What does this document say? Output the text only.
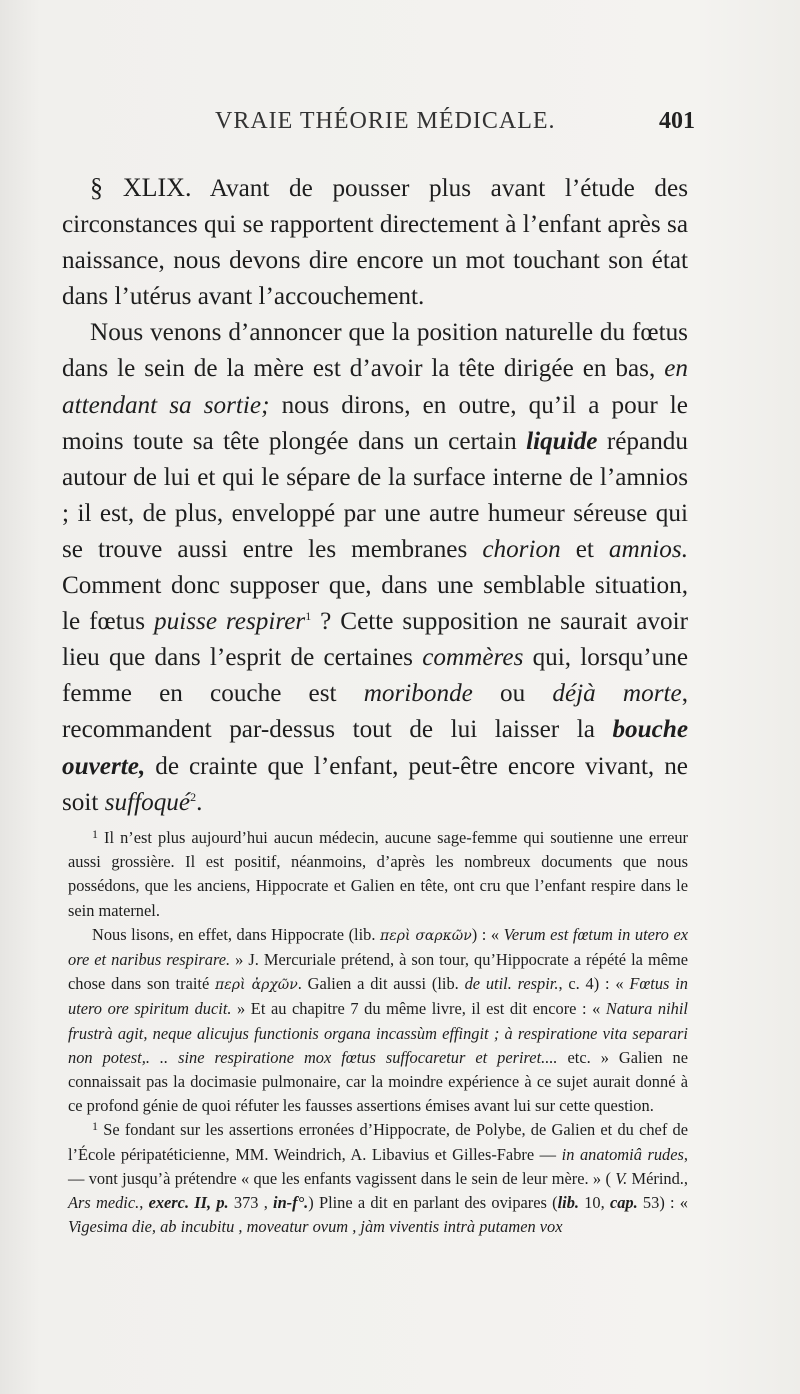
VRAIE THÉORIE MÉDICALE.	401

§ XLIX. Avant de pousser plus avant l’étude des circonstances qui se rapportent directement à l’enfant après sa naissance, nous devons dire encore un mot touchant son état dans l’utérus avant l’accouchement.

Nous venons d’annoncer que la position naturelle du fœtus dans le sein de la mère est d’avoir la tête dirigée en bas, en attendant sa sortie; nous dirons, en outre, qu’il a pour le moins toute sa tête plongée dans un certain liquide répandu autour de lui et qui le sépare de la surface interne de l’amnios ; il est, de plus, enveloppé par une autre humeur séreuse qui se trouve aussi entre les membranes chorion et amnios. Comment donc supposer que, dans une semblable situation, le fœtus puisse respirer$^1$ ? Cette supposition ne saurait avoir lieu que dans l’esprit de certaines commères qui, lorsqu’une femme en couche est moribonde ou déjà morte, recommandent par-dessus tout de lui laisser la bouche ouverte, de crainte que l’enfant, peut-être encore vivant, ne soit suffoqué$^2$.

$^1$ Il n’est plus aujourd’hui aucun médecin, aucune sage-femme qui soutienne une erreur aussi grossière. Il est positif, néanmoins, d’après les nombreux documents que nous possédons, que les anciens, Hippocrate et Galien en tête, ont cru que l’enfant respire dans le sein maternel.

Nous lisons, en effet, dans Hippocrate (lib. περὶ σαρκῶν) : « Verum est fœtum in utero ex ore et naribus respirare. » J. Mercuriale prétend, à son tour, qu’Hippocrate a répété la même chose dans son traité περὶ ἀρχῶν. Galien a dit aussi (lib. de util. respir., c. 4) : « Fœtus in utero ore spiritum ducit. » Et au chapitre 7 du même livre, il est dit encore : « Natura nihil frustrà agit, neque alicujus functionis organa incassùm effingit ; à respiratione vita separari non potest,. .. sine respiratione mox fœtus suffocaretur et periret.... etc. » Galien ne connaissait pas la docimasie pulmonaire, car la moindre expérience à ce sujet aurait donné à ce profond génie de quoi réfuter les fausses assertions émises avant lui sur cette question.

$^1$ Se fondant sur les assertions erronées d’Hippocrate, de Polybe, de Galien et du chef de l’École péripatéticienne, MM. Weindrich, A. Libavius et Gilles-Fabre — in anatomiâ rudes, — vont jusqu’à prétendre « que les enfants vagissent dans le sein de leur mère. » ( V. Mérind., Ars medic., exerc. II, p. 373 , in-f°.) Pline a dit en parlant des ovipares (lib. 10, cap. 53) : « Vigesima die, ab incubitu , moveatur ovum , jàm viventis intrà putamen vox
